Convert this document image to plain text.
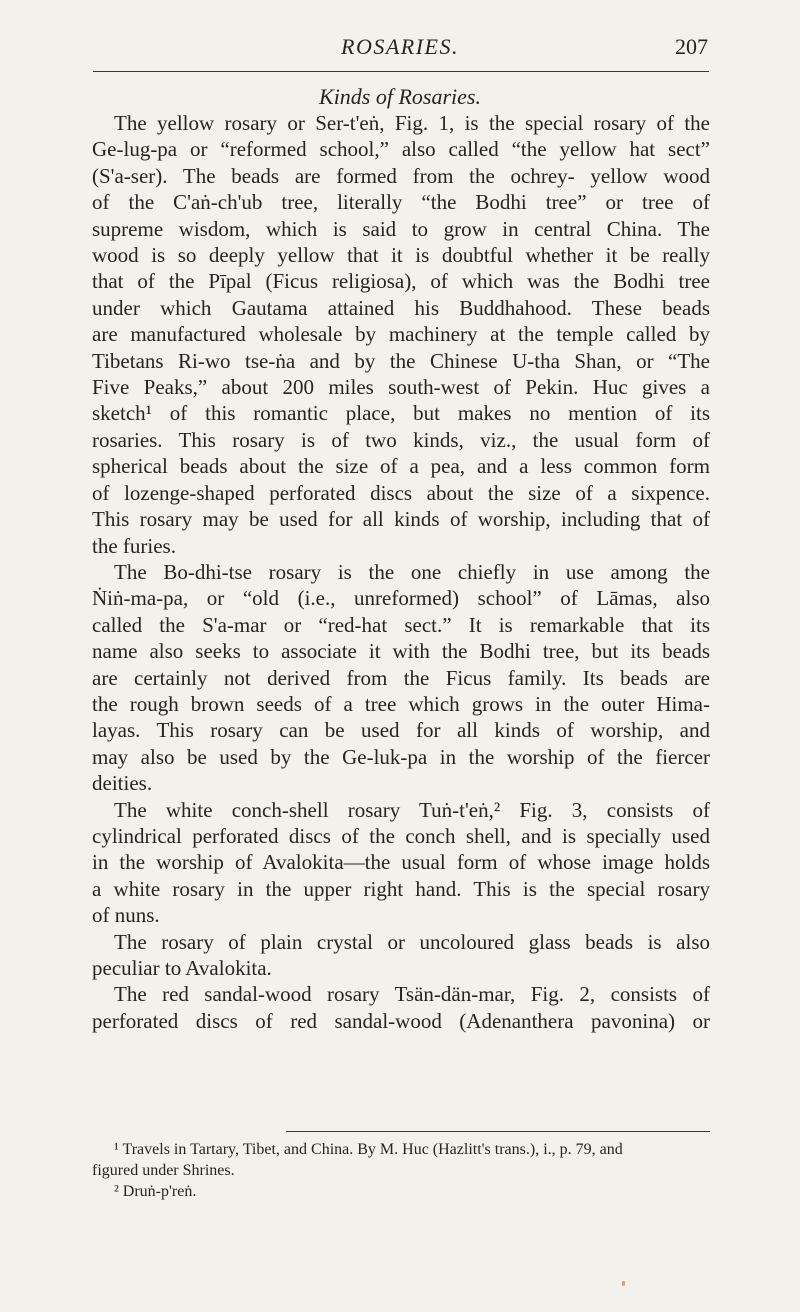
ROSARIES.	207
Kinds of Rosaries.
The yellow rosary or Ser-t'eṅ, Fig. 1, is the special rosary of the
Ge-lug-pa or “reformed school,” also called “the yellow hat sect”
(S'a-ser). The beads are formed from the ochrey- yellow wood
of the C'aṅ-ch'ub tree, literally “the Bodhi tree” or tree of
supreme wisdom, which is said to grow in central China. The
wood is so deeply yellow that it is doubtful whether it be really
that of the Pīpal (Ficus religiosa), of which was the Bodhi tree
under which Gautama attained his Buddhahood. These beads
are manufactured wholesale by machinery at the temple called by
Tibetans Ri-wo tse-ṅa and by the Chinese U-tha Shan, or “The
Five Peaks,” about 200 miles south-west of Pekin. Huc gives a
sketch¹ of this romantic place, but makes no mention of its
rosaries. This rosary is of two kinds, viz., the usual form of
spherical beads about the size of a pea, and a less common form
of lozenge-shaped perforated discs about the size of a sixpence.
This rosary may be used for all kinds of worship, including that of
the furies.
The Bo-dhi-tse rosary is the one chiefly in use among the
Ṅiṅ-ma-pa, or “old (i.e., unreformed) school” of Lāmas, also
called the S'a-mar or “red-hat sect.” It is remarkable that its
name also seeks to associate it with the Bodhi tree, but its beads
are certainly not derived from the Ficus family. Its beads are
the rough brown seeds of a tree which grows in the outer Hima-
layas. This rosary can be used for all kinds of worship, and
may also be used by the Ge-luk-pa in the worship of the fiercer
deities.
The white conch-shell rosary Tuṅ-t'eṅ,² Fig. 3, consists of
cylindrical perforated discs of the conch shell, and is specially used
in the worship of Avalokita—the usual form of whose image holds
a white rosary in the upper right hand. This is the special rosary
of nuns.
The rosary of plain crystal or uncoloured glass beads is also
peculiar to Avalokita.
The red sandal-wood rosary Tsän-dän-mar, Fig. 2, consists of
perforated discs of red sandal-wood (Adenanthera pavonina) or
¹ Travels in Tartary, Tibet, and China. By M. Huc (Hazlitt's trans.), i., p. 79, and
figured under Shrines.
² Druṅ-p'reṅ.
